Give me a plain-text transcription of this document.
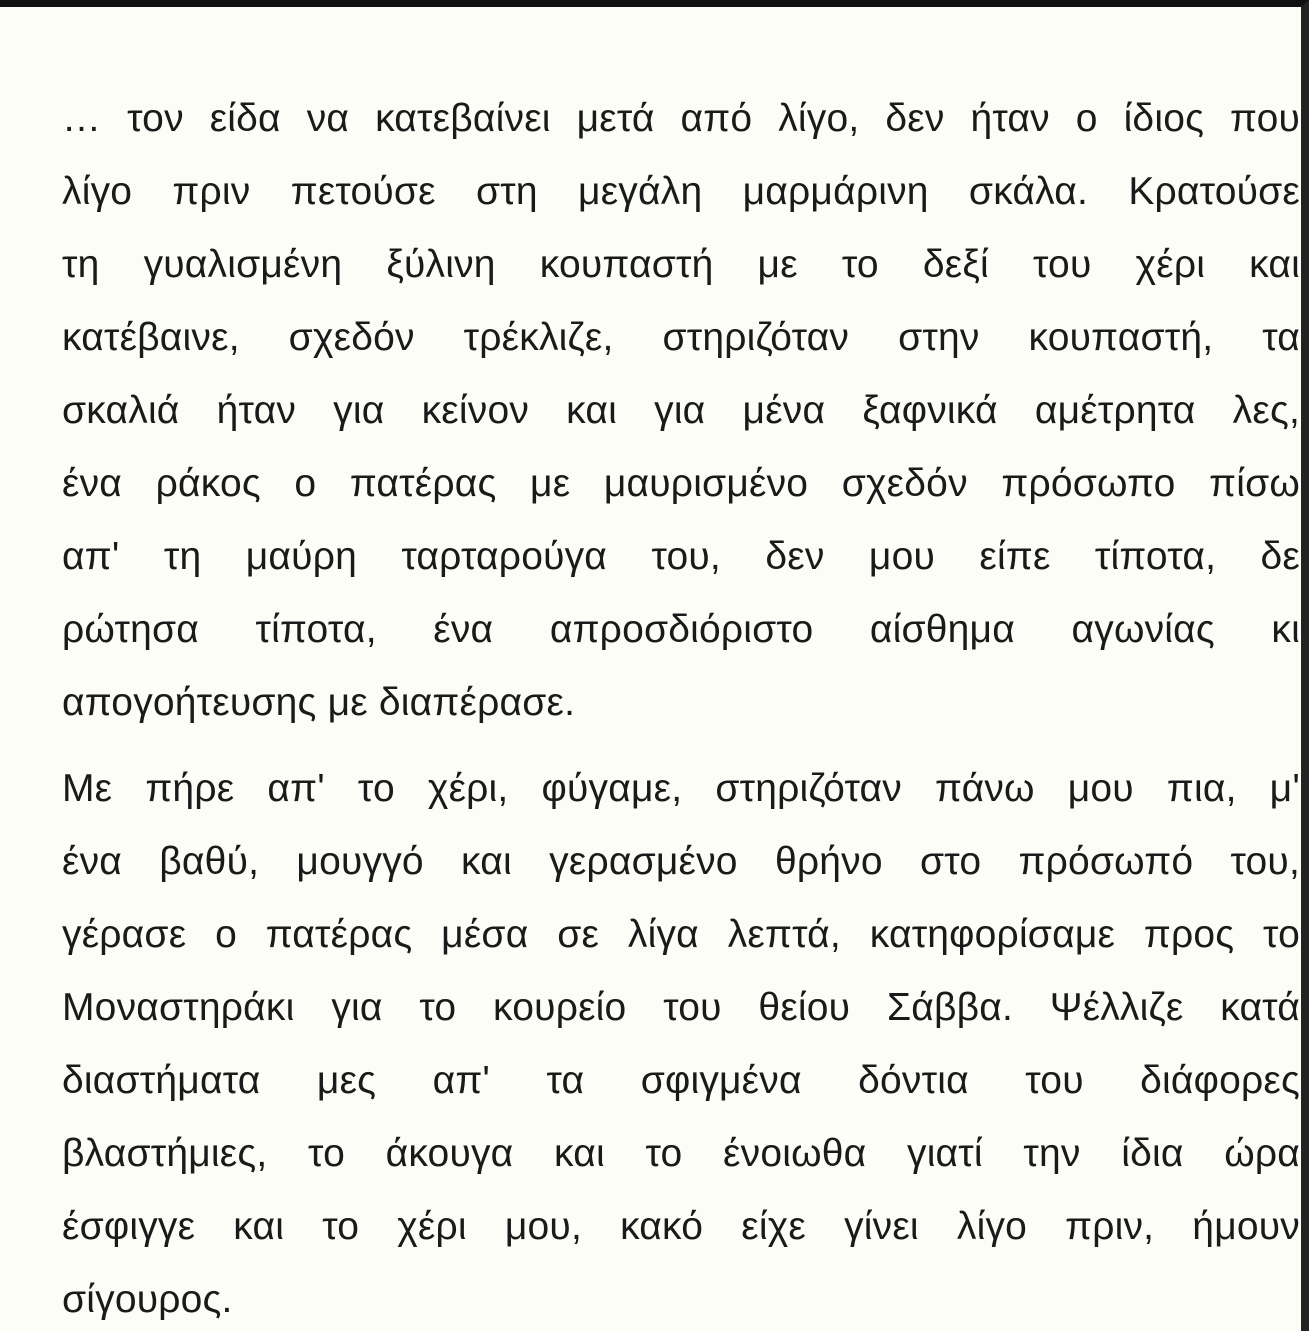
… τον είδα να κατεβαίνει μετά από λίγο, δεν ήταν ο ίδιος που
λίγο πριν πετούσε στη μεγάλη μαρμάρινη σκάλα. Κρατούσε
τη γυαλισμένη ξύλινη κουπαστή με το δεξί του χέρι και
κατέβαινε, σχεδόν τρέκλιζε, στηριζόταν στην κουπαστή, τα
σκαλιά ήταν για κείνον και για μένα ξαφνικά αμέτρητα λες,
ένα ράκος ο πατέρας με μαυρισμένο σχεδόν πρόσωπο πίσω
απ' τη μαύρη ταρταρούγα του, δεν μου είπε τίποτα, δε
ρώτησα τίποτα, ένα απροσδιόριστο αίσθημα αγωνίας κι
απογοήτευσης με διαπέρασε.
Με πήρε απ' το χέρι, φύγαμε, στηριζόταν πάνω μου πια, μ'
ένα βαθύ, μουγγό και γερασμένο θρήνο στο πρόσωπό του,
γέρασε ο πατέρας μέσα σε λίγα λεπτά, κατηφορίσαμε προς το
Μοναστηράκι για το κουρείο του θείου Σάββα. Ψέλλιζε κατά
διαστήματα μες απ' τα σφιγμένα δόντια του διάφορες
βλαστήμιες, το άκουγα και το ένοιωθα γιατί την ίδια ώρα
έσφιγγε και το χέρι μου, κακό είχε γίνει λίγο πριν, ήμουν
σίγουρος.
